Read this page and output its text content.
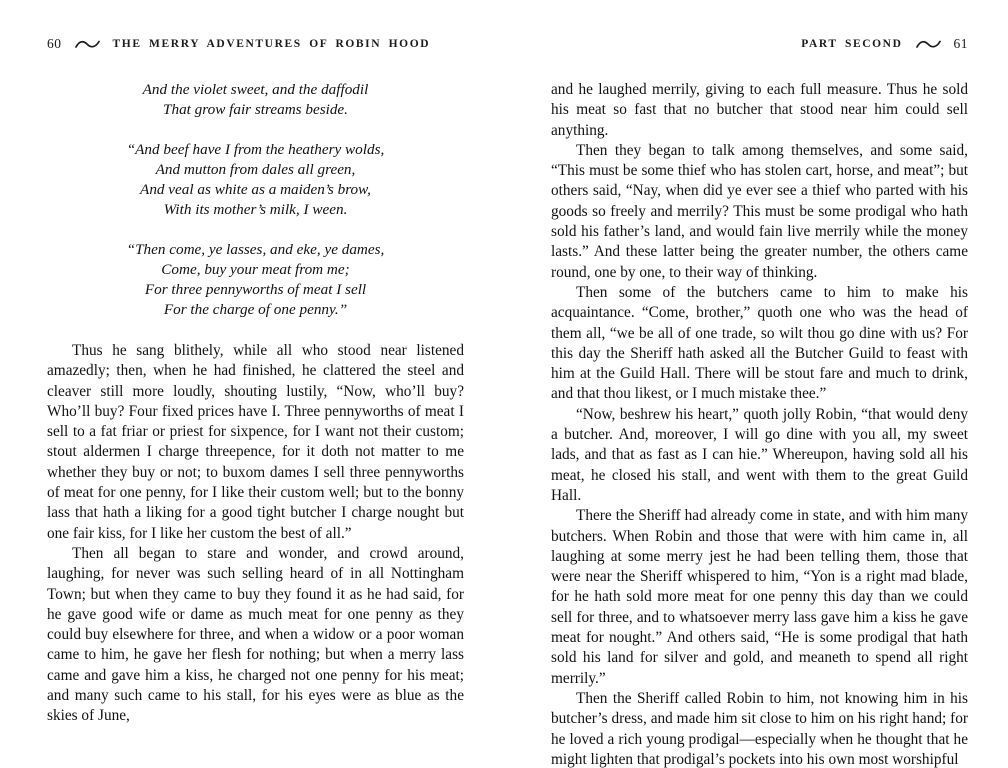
60	THE MERRY ADVENTURES OF ROBIN HOOD

And the violet sweet, and the daffodil

That grow fair streams beside.

“And beef have I from the heathery wolds,

And mutton from dales all green,

And veal as white as a maiden’s brow,

With its mother’s milk, I ween.

“Then come, ye lasses, and eke, ye dames,

Come, buy your meat from me;

For three pennyworths of meat I sell

For the charge of one penny.”

Thus he sang blithely, while all who stood near listened amazedly; then, when he had finished, he clattered the steel and cleaver still more loudly, shouting lustily, “Now, who’ll buy? Who’ll buy? Four fixed prices have I. Three pennyworths of meat I sell to a fat friar or priest for sixpence, for I want not their custom; stout aldermen I charge threepence, for it doth not matter to me whether they buy or not; to buxom dames I sell three pennyworths of meat for one penny, for I like their custom well; but to the bonny lass that hath a liking for a good tight butcher I charge nought but one fair kiss, for I like her custom the best of all.”

Then all began to stare and wonder, and crowd around, laughing, for never was such selling heard of in all Nottingham Town; but when they came to buy they found it as he had said, for he gave good wife or dame as much meat for one penny as they could buy elsewhere for three, and when a widow or a poor woman came to him, he gave her flesh for nothing; but when a merry lass came and gave him a kiss, he charged not one penny for his meat; and many such came to his stall, for his eyes were as blue as the skies of June,

PART SECOND	61

and he laughed merrily, giving to each full measure. Thus he sold his meat so fast that no butcher that stood near him could sell anything.

Then they began to talk among themselves, and some said, “This must be some thief who has stolen cart, horse, and meat”; but others said, “Nay, when did ye ever see a thief who parted with his goods so freely and merrily? This must be some prodigal who hath sold his father’s land, and would fain live merrily while the money lasts.” And these latter being the greater number, the others came round, one by one, to their way of thinking.

Then some of the butchers came to him to make his acquaintance. “Come, brother,” quoth one who was the head of them all, “we be all of one trade, so wilt thou go dine with us? For this day the Sheriff hath asked all the Butcher Guild to feast with him at the Guild Hall. There will be stout fare and much to drink, and that thou likest, or I much mistake thee.”

“Now, beshrew his heart,” quoth jolly Robin, “that would deny a butcher. And, moreover, I will go dine with you all, my sweet lads, and that as fast as I can hie.” Whereupon, having sold all his meat, he closed his stall, and went with them to the great Guild Hall.

There the Sheriff had already come in state, and with him many butchers. When Robin and those that were with him came in, all laughing at some merry jest he had been telling them, those that were near the Sheriff whispered to him, “Yon is a right mad blade, for he hath sold more meat for one penny this day than we could sell for three, and to whatsoever merry lass gave him a kiss he gave meat for nought.” And others said, “He is some prodigal that hath sold his land for silver and gold, and meaneth to spend all right merrily.”

Then the Sheriff called Robin to him, not knowing him in his butcher’s dress, and made him sit close to him on his right hand; for he loved a rich young prodigal—especially when he thought that he might lighten that prodigal’s pockets into his own most worshipful
